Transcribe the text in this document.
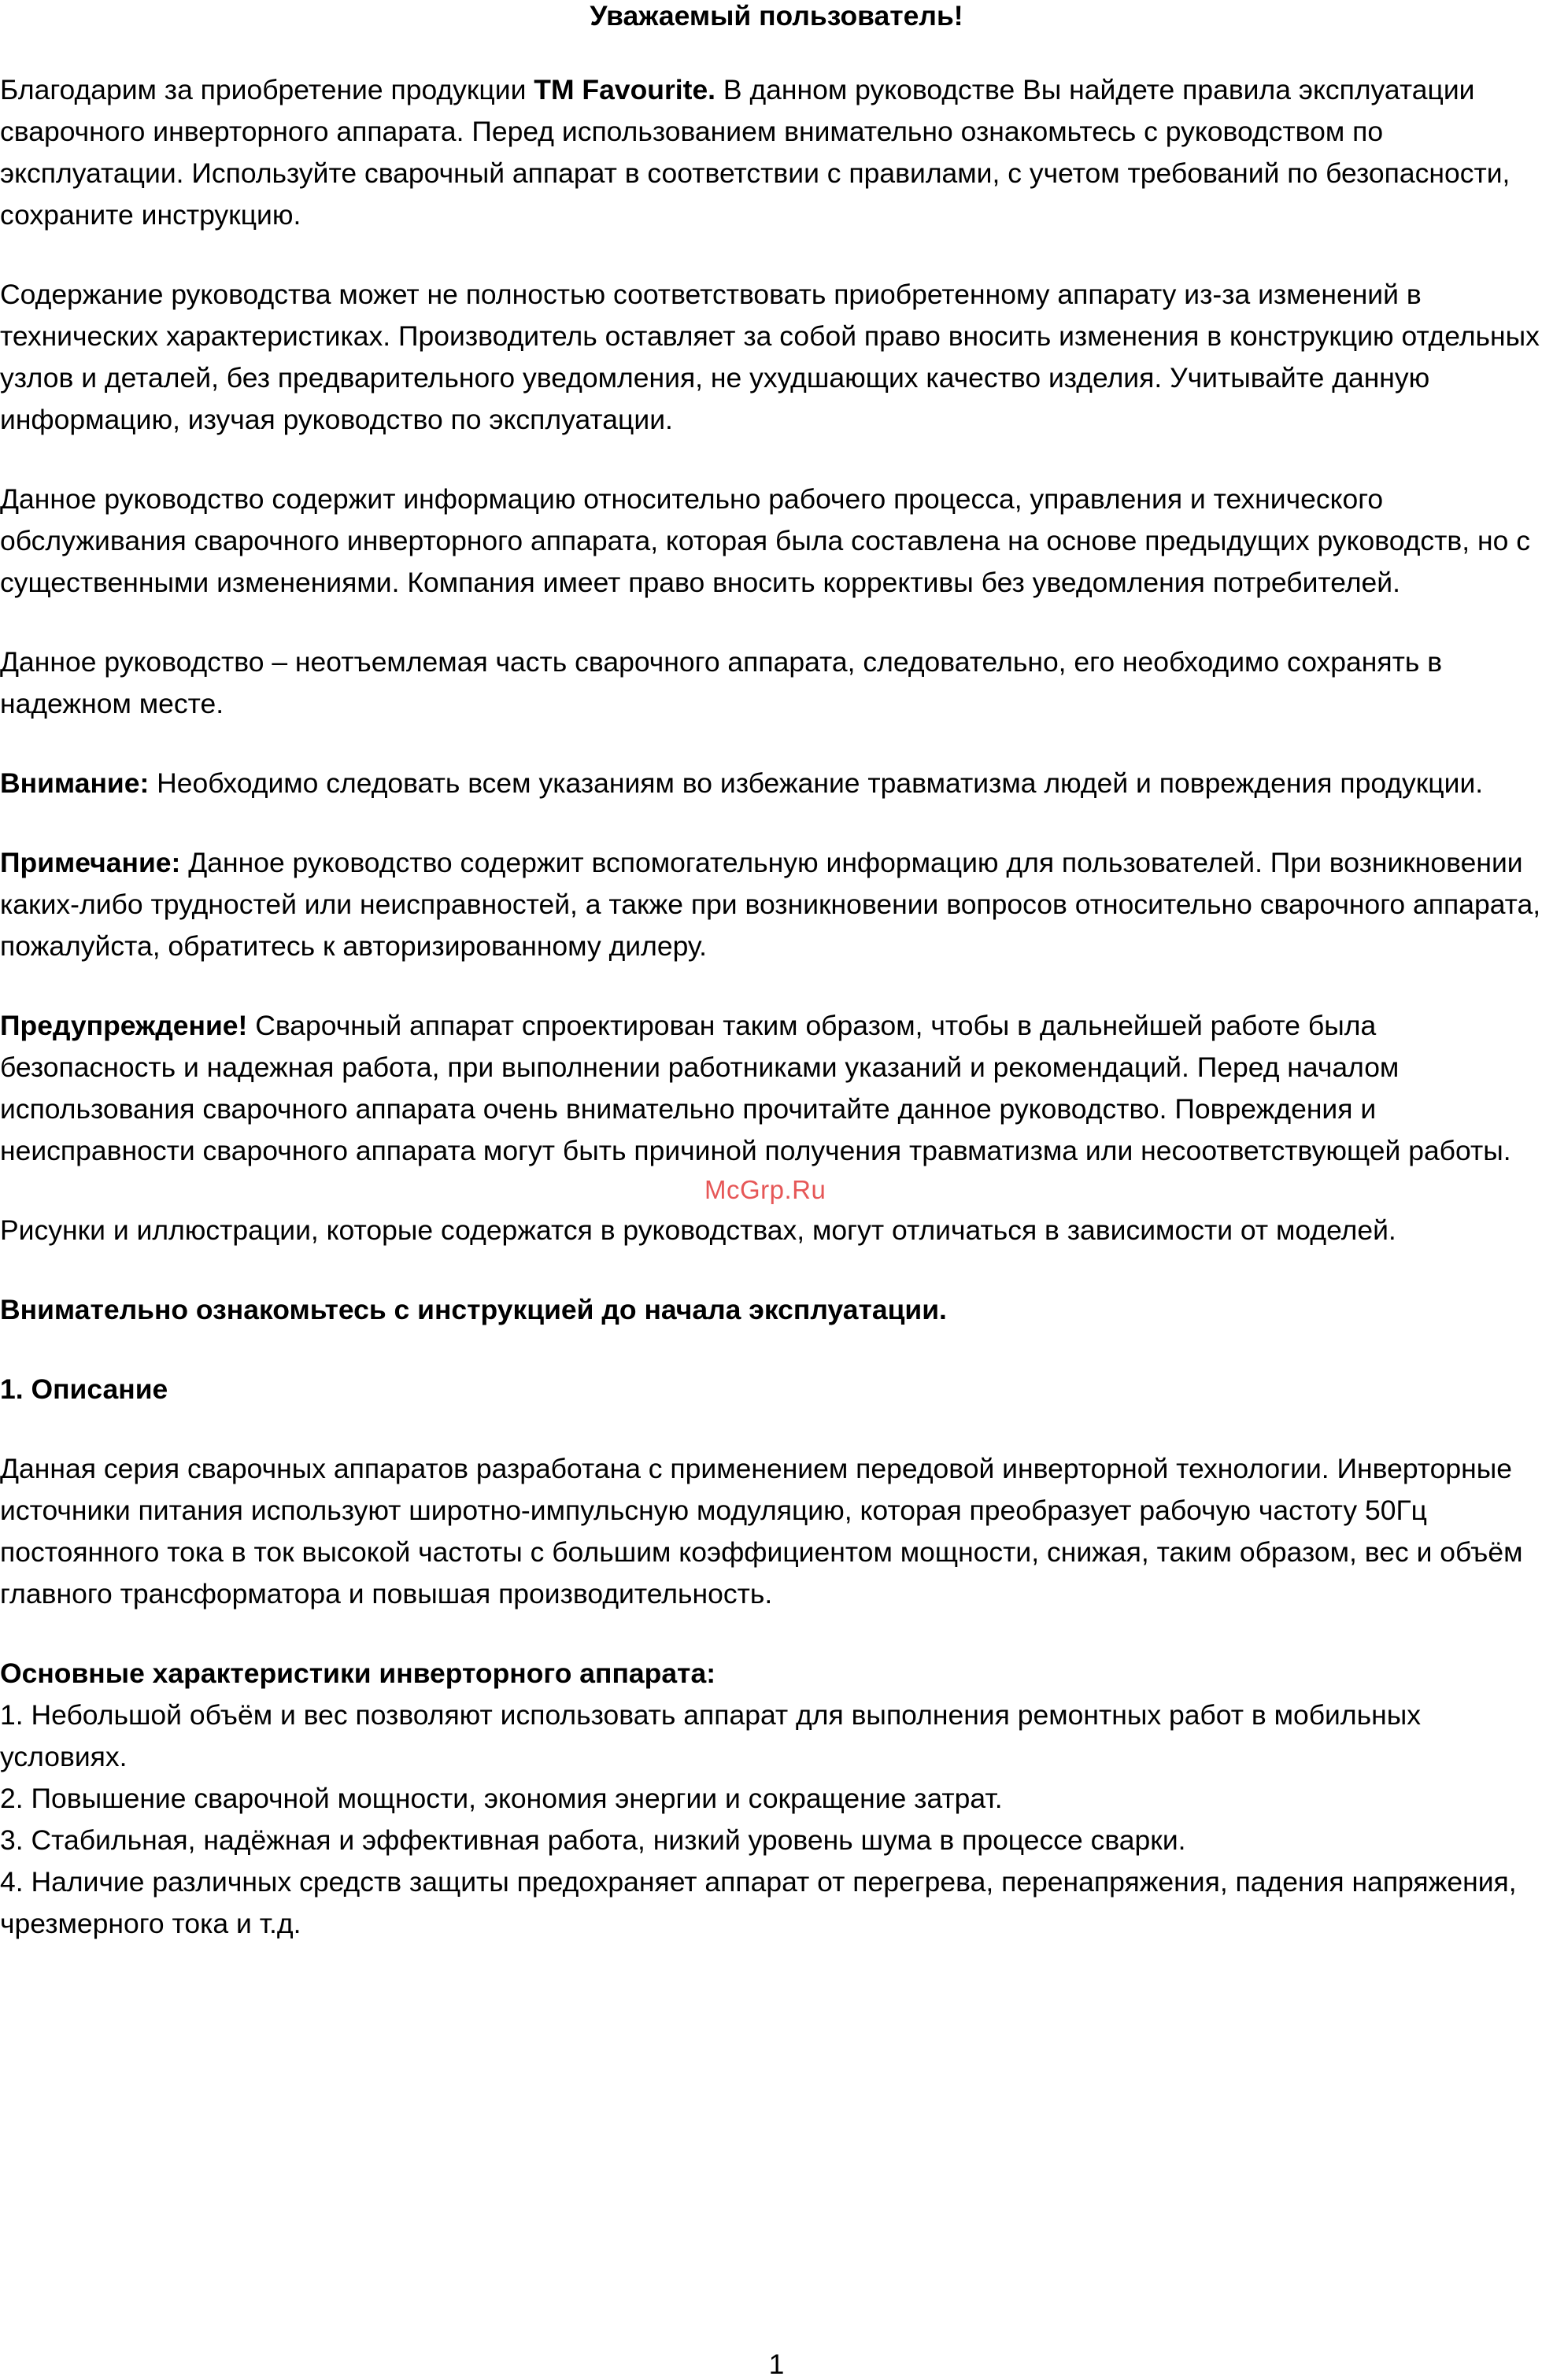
Уважаемый пользователь!

Благодарим за приобретение продукции TM Favourite. В данном руководстве Вы найдете правила эксплуатации сварочного инверторного аппарата. Перед использованием внимательно ознакомьтесь с руководством по эксплуатации. Используйте сварочный аппарат в соответствии с правилами, с учетом требований по безопасности, сохраните инструкцию.

Содержание руководства может не полностью соответствовать приобретенному аппарату из-за изменений в технических характеристиках. Производитель оставляет за собой право вносить изменения в конструкцию отдельных узлов и деталей, без предварительного уведомления, не ухудшающих качество изделия. Учитывайте данную информацию, изучая руководство по эксплуатации.

Данное руководство содержит информацию относительно рабочего процесса, управления и технического обслуживания сварочного инверторного аппарата, которая была составлена на основе предыдущих руководств, но с существенными изменениями. Компания имеет право вносить коррективы без уведомления потребителей.

Данное руководство – неотъемлемая часть сварочного аппарата, следовательно, его необходимо сохранять в надежном месте.

Внимание: Необходимо следовать всем указаниям во избежание травматизма людей и повреждения продукции.

Примечание: Данное руководство содержит вспомогательную информацию для пользователей. При возникновении каких-либо трудностей или неисправностей, а также при возникновении вопросов относительно сварочного аппарата, пожалуйста, обратитесь к авторизированному дилеру.

Предупреждение! Сварочный аппарат спроектирован таким образом, чтобы в дальнейшей работе была безопасность и надежная работа, при выполнении работниками указаний и рекомендаций. Перед началом использования сварочного аппарата очень внимательно прочитайте данное руководство. Повреждения и неисправности сварочного аппарата могут быть причиной получения травматизма или несоответствующей работы.

Рисунки и иллюстрации, которые содержатся в руководствах, могут отличаться в зависимости от моделей.

Внимательно ознакомьтесь с инструкцией до начала эксплуатации.

1. Описание

Данная серия сварочных аппаратов разработана с применением передовой инверторной технологии. Инверторные источники питания используют широтно-импульсную модуляцию, которая преобразует рабочую частоту 50Гц постоянного тока в ток высокой частоты с большим коэффициентом мощности, снижая, таким образом, вес и объём главного трансформатора и повышая производительность.

Основные характеристики инверторного аппарата:

1. Небольшой объём и вес позволяют использовать аппарат для выполнения ремонтных работ в мобильных условиях.
2. Повышение сварочной мощности, экономия энергии и сокращение затрат.
3. Стабильная, надёжная и эффективная работа, низкий уровень шума в процессе сварки.
4. Наличие различных средств защиты предохраняет аппарат от перегрева, перенапряжения, падения напряжения, чрезмерного тока и т.д.
McGrp.Ru
1
